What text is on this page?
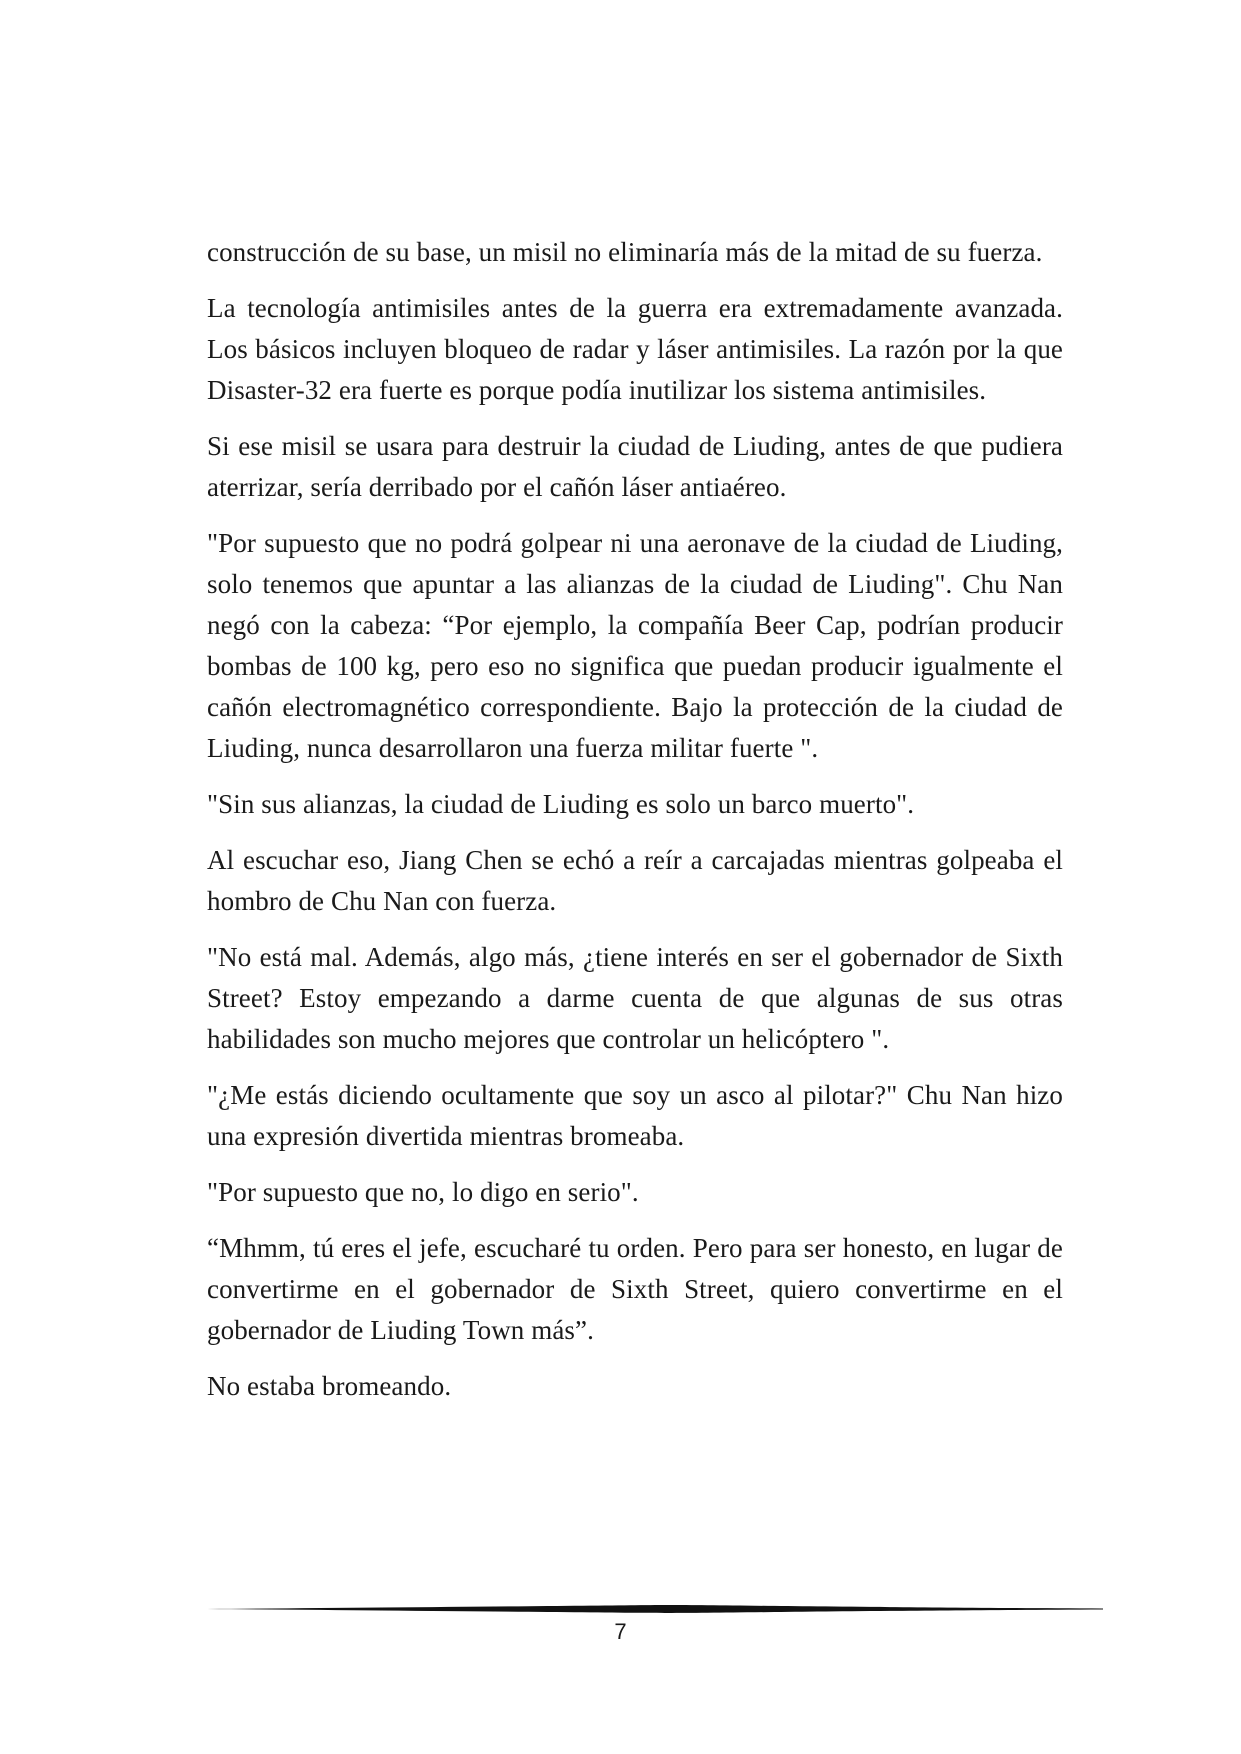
construcción de su base, un misil no eliminaría más de la mitad de su fuerza.

La tecnología antimisiles antes de la guerra era extremadamente avanzada. Los básicos incluyen bloqueo de radar y láser antimisiles. La razón por la que Disaster-32 era fuerte es porque podía inutilizar los sistema antimisiles.

Si ese misil se usara para destruir la ciudad de Liuding, antes de que pudiera aterrizar, sería derribado por el cañón láser antiaéreo.

"Por supuesto que no podrá golpear ni una aeronave de la ciudad de Liuding, solo tenemos que apuntar a las alianzas de la ciudad de Liuding". Chu Nan negó con la cabeza: “Por ejemplo, la compañía Beer Cap, podrían producir bombas de 100 kg, pero eso no significa que puedan producir igualmente el cañón electromagnético correspondiente. Bajo la protección de la ciudad de Liuding, nunca desarrollaron una fuerza militar fuerte ".

"Sin sus alianzas, la ciudad de Liuding es solo un barco muerto".

Al escuchar eso, Jiang Chen se echó a reír a carcajadas mientras golpeaba el hombro de Chu Nan con fuerza.

"No está mal. Además, algo más, ¿tiene interés en ser el gobernador de Sixth Street? Estoy empezando a darme cuenta de que algunas de sus otras habilidades son mucho mejores que controlar un helicóptero ".

"¿Me estás diciendo ocultamente que soy un asco al pilotar?" Chu Nan hizo una expresión divertida mientras bromeaba.

"Por supuesto que no, lo digo en serio".

“Mhmm, tú eres el jefe, escucharé tu orden. Pero para ser honesto, en lugar de convertirme en el gobernador de Sixth Street, quiero convertirme en el gobernador de Liuding Town más”.

No estaba bromeando.

7
